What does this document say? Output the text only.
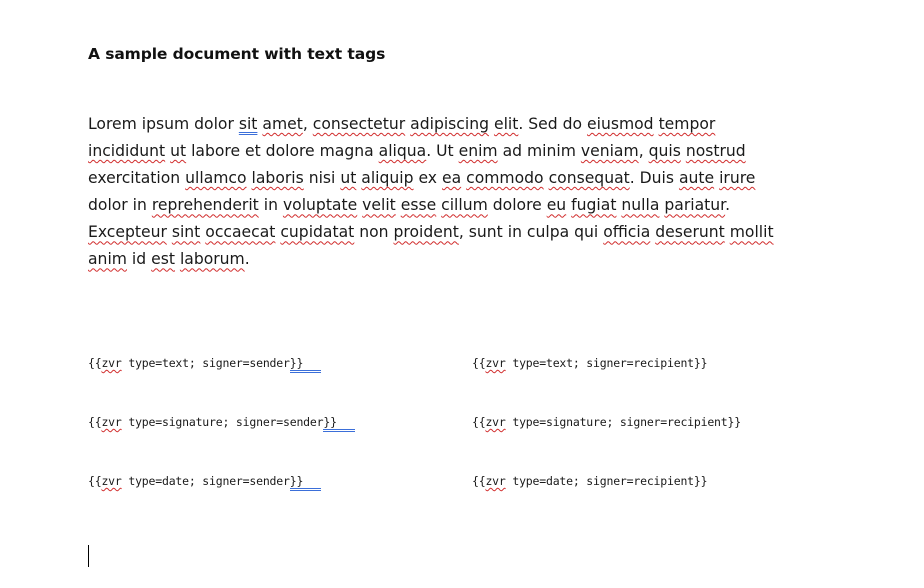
A sample document with text tags
Lorem ipsum dolor sit amet, consectetur adipiscing elit. Sed do eiusmod tempor
incididunt ut labore et dolore magna aliqua. Ut enim ad minim veniam, quis nostrud
exercitation ullamco laboris nisi ut aliquip ex ea commodo consequat. Duis aute irure
dolor in reprehenderit in voluptate velit esse cillum dolore eu fugiat nulla pariatur.
Excepteur sint occaecat cupidatat non proident, sunt in culpa qui officia deserunt mollit
anim id est laborum.
{{zvr type=text; signer=sender}}	{{zvr type=text; signer=recipient}}
{{zvr type=signature; signer=sender}}	{{zvr type=signature; signer=recipient}}
{{zvr type=date; signer=sender}}	{{zvr type=date; signer=recipient}}
